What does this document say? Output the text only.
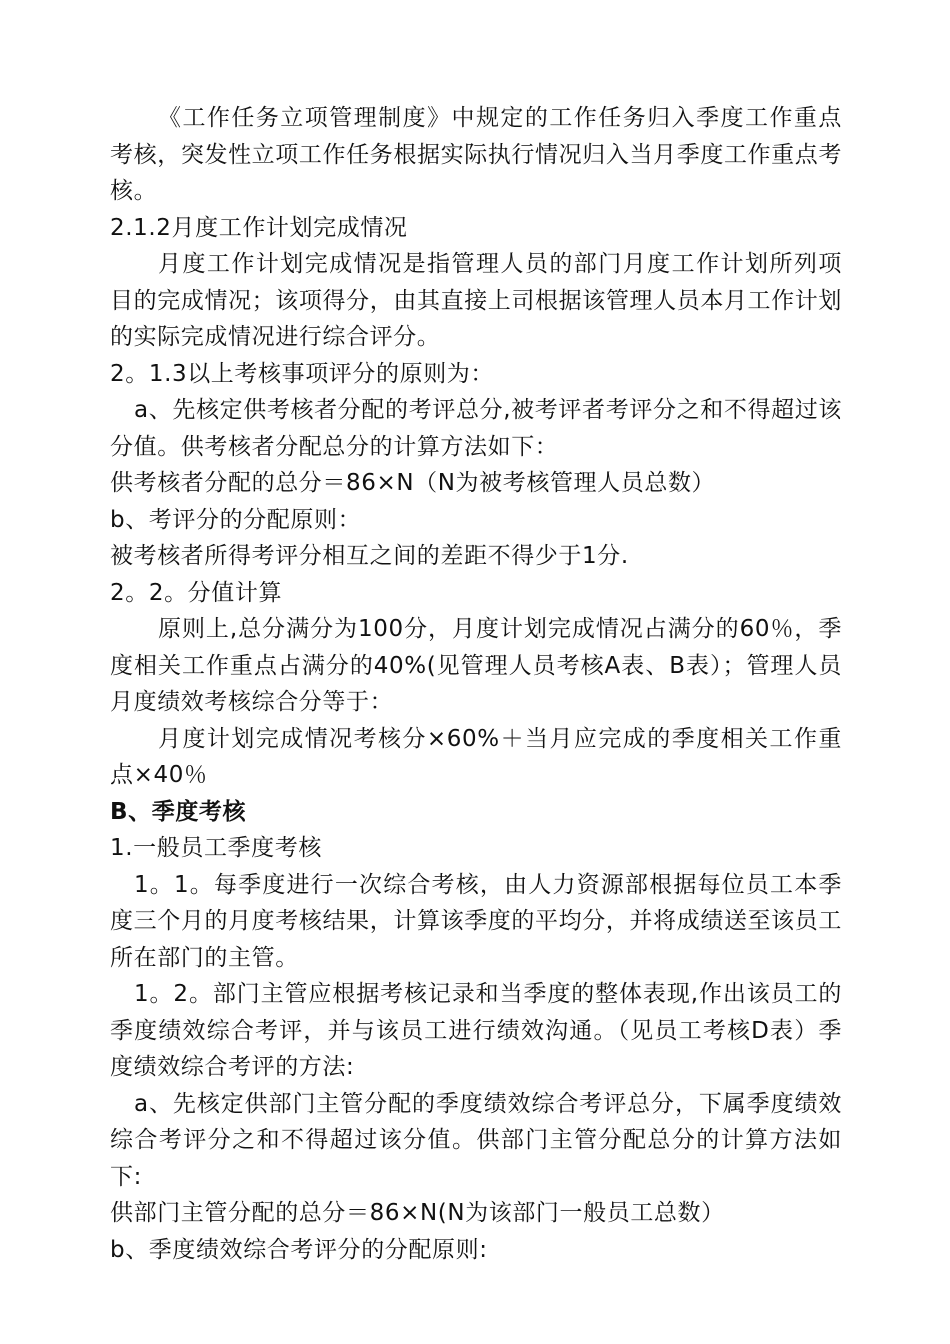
《工作任务立项管理制度》中规定的工作任务归入季度工作重点考核，突发性立项工作任务根据实际执行情况归入当月季度工作重点考核。

2.1.2月度工作计划完成情况

月度工作计划完成情况是指管理人员的部门月度工作计划所列项目的完成情况；该项得分，由其直接上司根据该管理人员本月工作计划的实际完成情况进行综合评分。

2。1.3以上考核事项评分的原则为：

a、先核定供考核者分配的考评总分,被考评者考评分之和不得超过该分值。供考核者分配总分的计算方法如下：

供考核者分配的总分＝86×N（N为被考核管理人员总数）

b、考评分的分配原则：

被考核者所得考评分相互之间的差距不得少于1分.

2。2。分值计算

原则上,总分满分为100分，月度计划完成情况占满分的60％，季度相关工作重点占满分的40%(见管理人员考核A表、B表）；管理人员月度绩效考核综合分等于：

月度计划完成情况考核分×60%＋当月应完成的季度相关工作重点×40％

B、季度考核

1.一般员工季度考核

1。1。每季度进行一次综合考核，由人力资源部根据每位员工本季度三个月的月度考核结果，计算该季度的平均分，并将成绩送至该员工所在部门的主管。

1。2。部门主管应根据考核记录和当季度的整体表现,作出该员工的季度绩效综合考评，并与该员工进行绩效沟通。（见员工考核D表）季度绩效综合考评的方法:

a、先核定供部门主管分配的季度绩效综合考评总分，下属季度绩效综合考评分之和不得超过该分值。供部门主管分配总分的计算方法如下:

供部门主管分配的总分＝86×N(N为该部门一般员工总数）

b、季度绩效综合考评分的分配原则:
